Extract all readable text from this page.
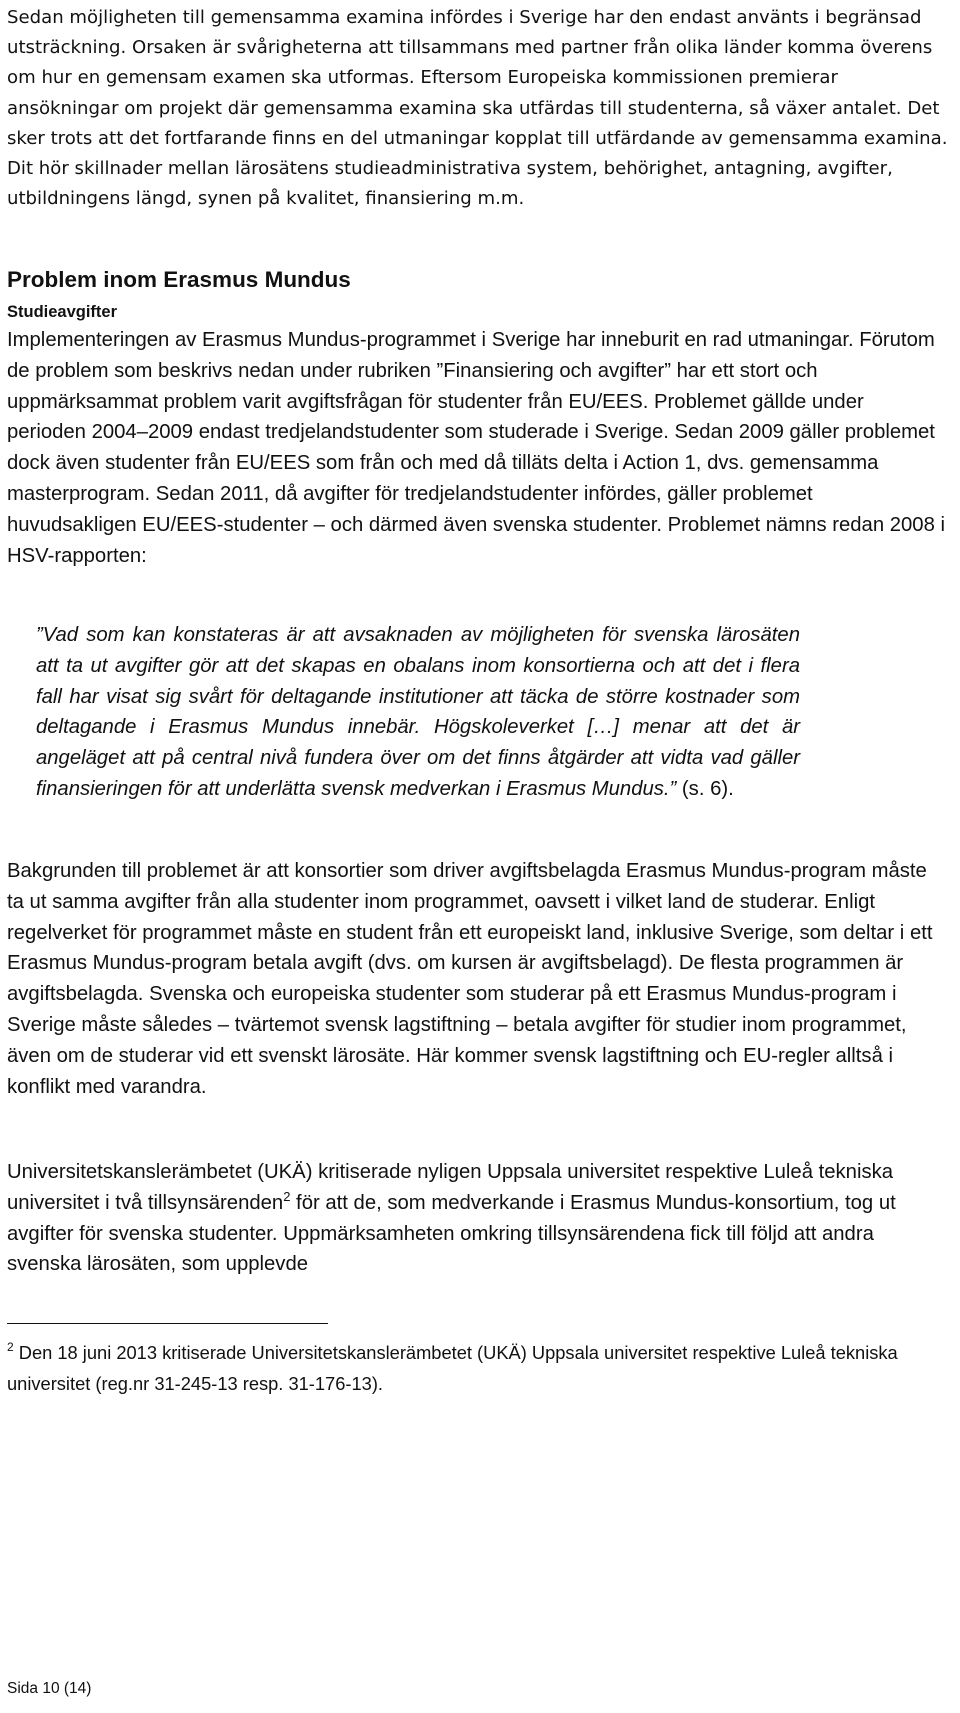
Sedan möjligheten till gemensamma examina infördes i Sverige har den endast använts i begränsad utsträckning. Orsaken är svårigheterna att tillsammans med partner från olika länder komma överens om hur en gemensam examen ska utformas. Eftersom Europeiska kommissionen premierar ansökningar om projekt där gemensamma examina ska utfärdas till studenterna, så växer antalet. Det sker trots att det fortfarande finns en del utmaningar kopplat till utfärdande av gemensamma examina. Dit hör skillnader mellan lärosätens studieadministrativa system, behörighet, antagning, avgifter, utbildningens längd, synen på kvalitet, finansiering m.m.

Problem inom Erasmus Mundus
Studieavgifter

Implementeringen av Erasmus Mundus-programmet i Sverige har inneburit en rad utmaningar. Förutom de problem som beskrivs nedan under rubriken ”Finansiering och avgifter” har ett stort och uppmärksammat problem varit avgiftsfrågan för studenter från EU/EES. Problemet gällde under perioden 2004–2009 endast tredjelandstudenter som studerade i Sverige. Sedan 2009 gäller problemet dock även studenter från EU/EES som från och med då tilläts delta i Action 1, dvs. gemensamma masterprogram. Sedan 2011, då avgifter för tredjelandstudenter infördes, gäller problemet huvudsakligen EU/EES-studenter – och därmed även svenska studenter. Problemet nämns redan 2008 i HSV-rapporten:

”Vad som kan konstateras är att avsaknaden av möjligheten för svenska lärosäten att ta ut avgifter gör att det skapas en obalans inom konsortierna och att det i flera fall har visat sig svårt för deltagande institutioner att täcka de större kostnader som deltagande i Erasmus Mundus innebär. Högskoleverket […] menar att det är angeläget att på central nivå fundera över om det finns åtgärder att vidta vad gäller finansieringen för att underlätta svensk medverkan i Erasmus Mundus.” (s. 6).

Bakgrunden till problemet är att konsortier som driver avgiftsbelagda Erasmus Mundus-program måste ta ut samma avgifter från alla studenter inom programmet, oavsett i vilket land de studerar. Enligt regelverket för programmet måste en student från ett europeiskt land, inklusive Sverige, som deltar i ett Erasmus Mundus-program betala avgift (dvs. om kursen är avgiftsbelagd). De flesta programmen är avgiftsbelagda. Svenska och europeiska studenter som studerar på ett Erasmus Mundus-program i Sverige måste således – tvärtemot svensk lagstiftning – betala avgifter för studier inom programmet, även om de studerar vid ett svenskt lärosäte. Här kommer svensk lagstiftning och EU-regler alltså i konflikt med varandra.

Universitetskanslerämbetet (UKÄ) kritiserade nyligen Uppsala universitet respektive Luleå tekniska universitet i två tillsynsärenden$^2$ för att de, som medverkande i Erasmus Mundus-konsortium, tog ut avgifter för svenska studenter. Uppmärksamheten omkring tillsynsärendena fick till följd att andra svenska lärosäten, som upplevde

$^2$ Den 18 juni 2013 kritiserade Universitetskanslerämbetet (UKÄ) Uppsala universitet respektive Luleå tekniska universitet (reg.nr 31-245-13 resp. 31-176-13).

Sida 10 (14)
